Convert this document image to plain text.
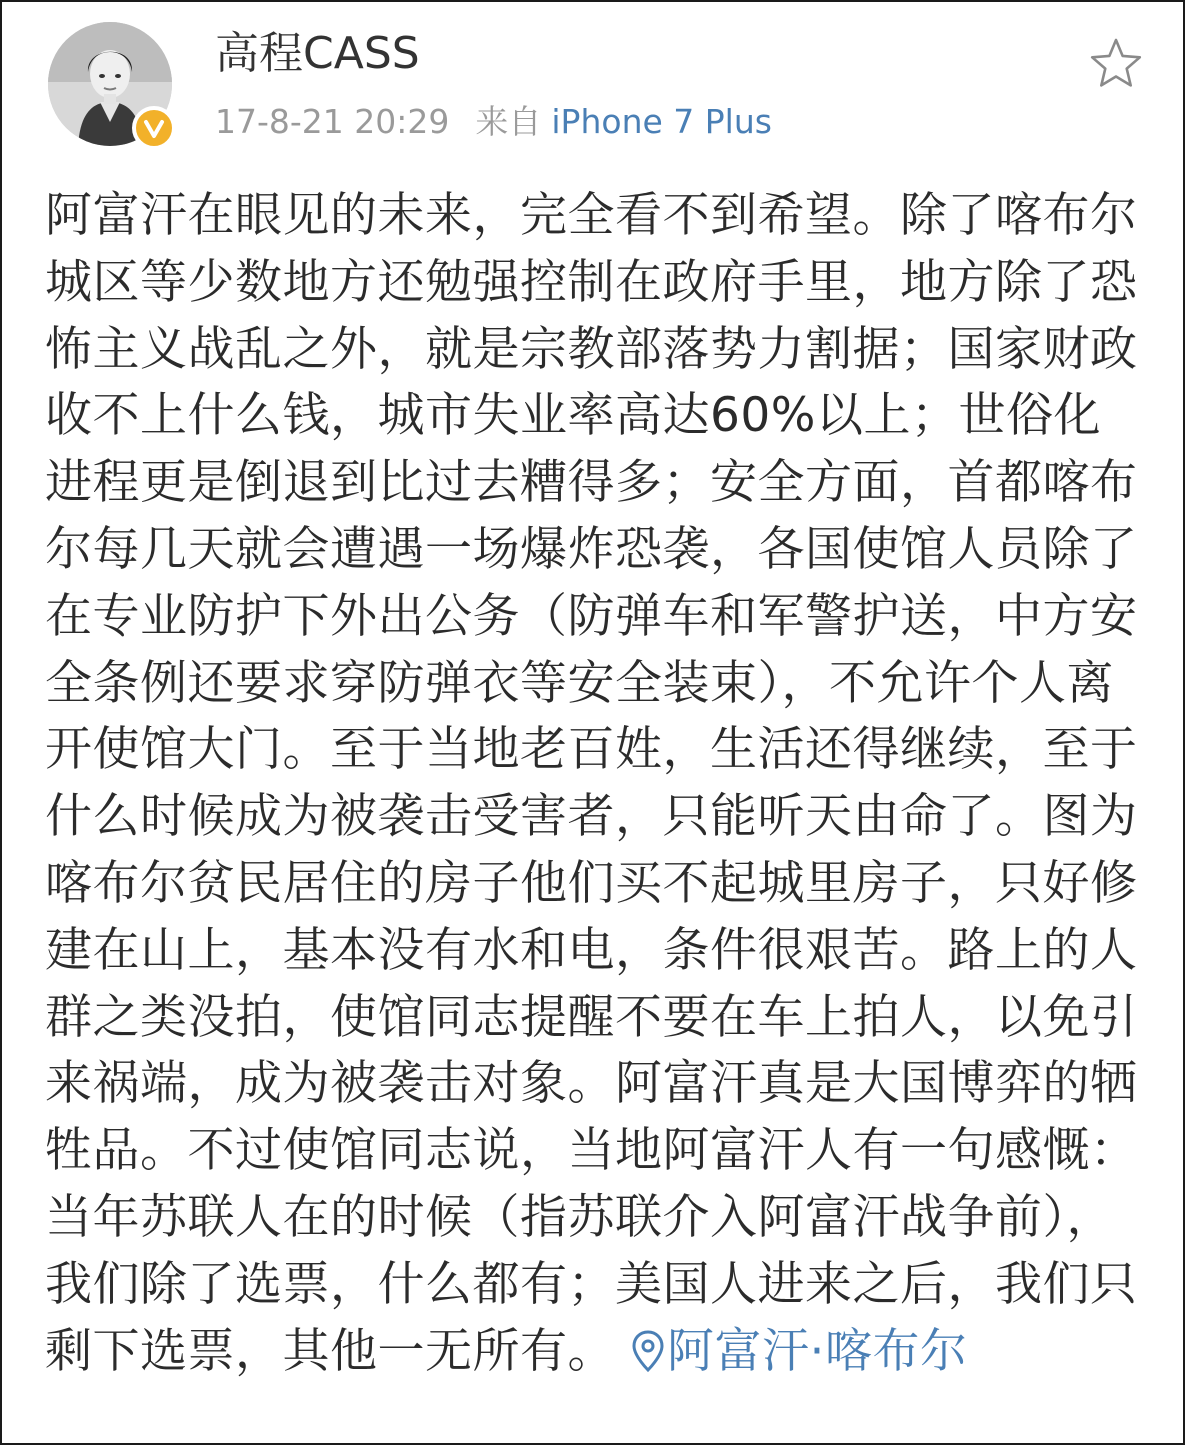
高程CASS
17-8-21 20:29 来自 iPhone 7 Plus
阿富汗在眼见的未来，完全看不到希望。除了喀布尔城区等少数地方还勉强控制在政府手里，地方除了恐怖主义战乱之外，就是宗教部落势力割据；国家财政收不上什么钱，城市失业率高达60%以上；世俗化进程更是倒退到比过去糟得多；安全方面，首都喀布尔每几天就会遭遇一场爆炸恐袭，各国使馆人员除了在专业防护下外出公务（防弹车和军警护送，中方安全条例还要求穿防弹衣等安全装束），不允许个人离开使馆大门。至于当地老百姓，生活还得继续，至于什么时候成为被袭击受害者，只能听天由命了。图为喀布尔贫民居住的房子他们买不起城里房子，只好修建在山上，基本没有水和电，条件很艰苦。路上的人群之类没拍，使馆同志提醒不要在车上拍人，以免引来祸端，成为被袭击对象。阿富汗真是大国博弈的牺牲品。不过使馆同志说，当地阿富汗人有一句感慨：当年苏联人在的时候（指苏联介入阿富汗战争前），我们除了选票，什么都有；美国人进来之后，我们只剩下选票，其他一无所有。 阿富汗·喀布尔
